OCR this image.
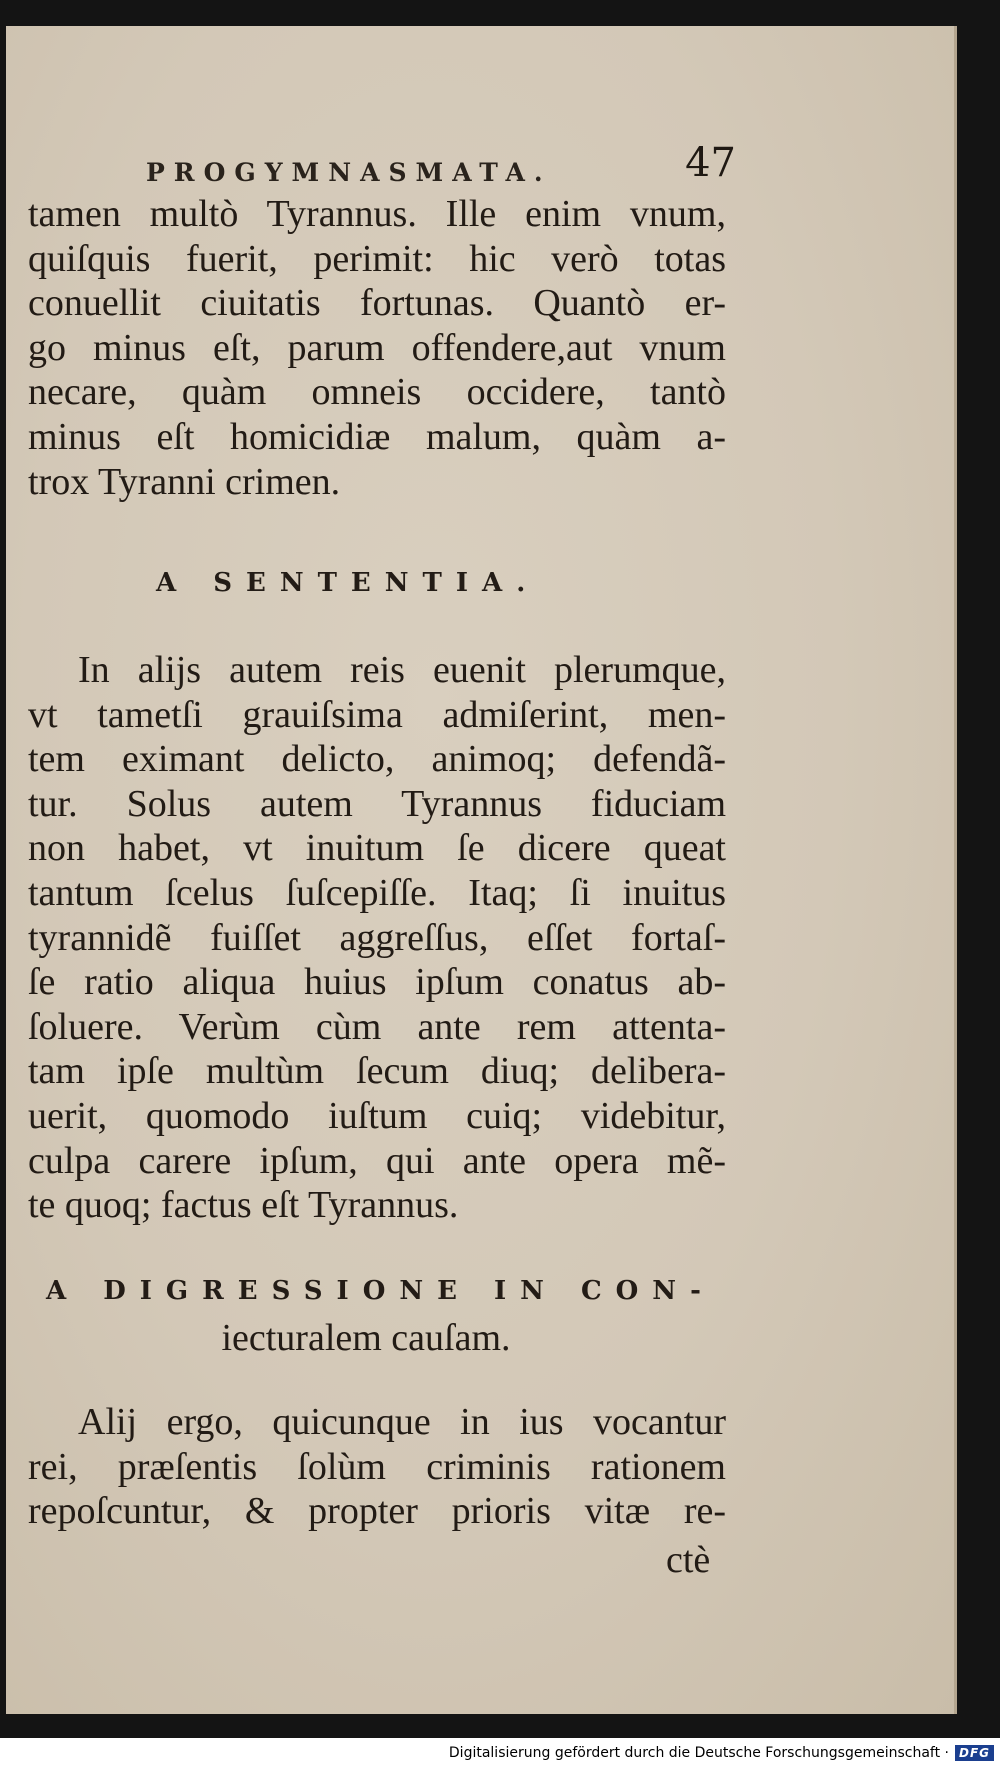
PROGYMNASMATA.	47
tamen multò Tyrannus. Ille enim vnum,
quiſquis fuerit, perimit: hic verò totas
conuellit ciuitatis fortunas. Quantò er-
go minus eſt, parum offendere,aut vnum
necare, quàm omneis occidere, tantò
minus eſt homicidiæ malum, quàm a-
trox Tyranni crimen.
A SENTENTIA.
In alijs autem reis euenit plerumque,
vt tametſi grauiſsima admiſerint, men-
tem eximant delicto, animoq; defendã-
tur. Solus autem Tyrannus fiduciam
non habet, vt inuitum ſe dicere queat
tantum ſcelus ſuſcepiſſe. Itaq; ſi inuitus
tyrannidẽ fuiſſet aggreſſus, eſſet fortaſ-
ſe ratio aliqua huius ipſum conatus ab-
ſoluere. Verùm cùm ante rem attenta-
tam ipſe multùm ſecum diuq; delibera-
uerit, quomodo iuſtum cuiq; videbitur,
culpa carere ipſum, qui ante opera mẽ-
te quoq; factus eſt Tyrannus.
A DIGRESSIONE IN CON-
iecturalem cauſam.
Alij ergo, quicunque in ius vocantur
rei, præſentis ſolùm criminis rationem
repoſcuntur, & propter prioris vitæ re-
ctè
Digitalisierung gefördert durch die Deutsche Forschungsgemeinschaft · DFG
